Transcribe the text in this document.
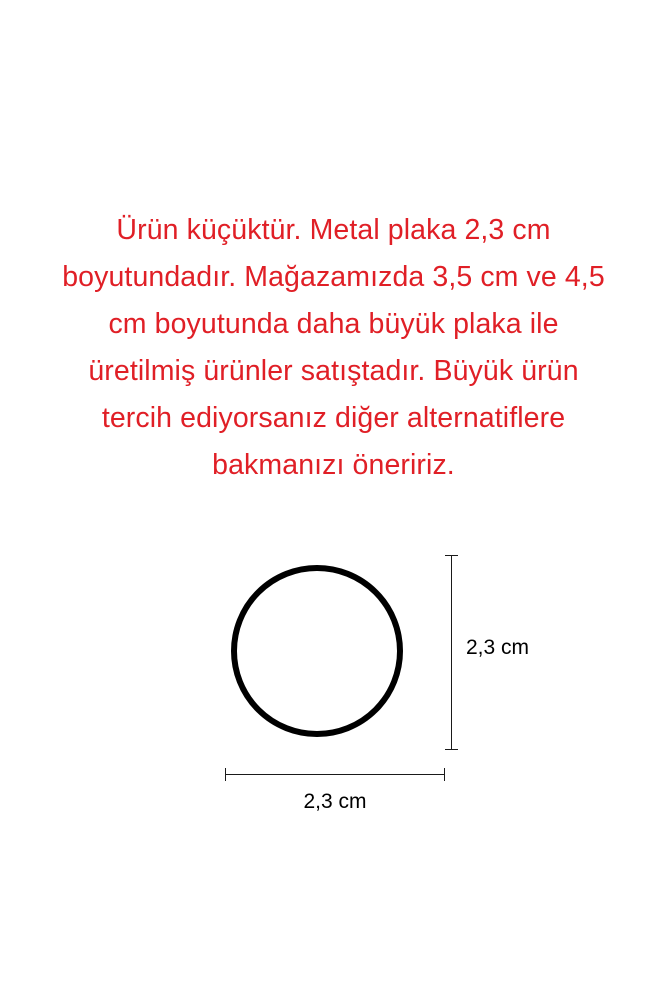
Ürün küçüktür. Metal plaka 2,3 cm boyutundadır. Mağazamızda 3,5 cm ve 4,5 cm boyutunda daha büyük plaka ile üretilmiş ürünler satıştadır. Büyük ürün tercih ediyorsanız diğer alternatiflere bakmanızı öneririz.

2,3 cm
2,3 cm
